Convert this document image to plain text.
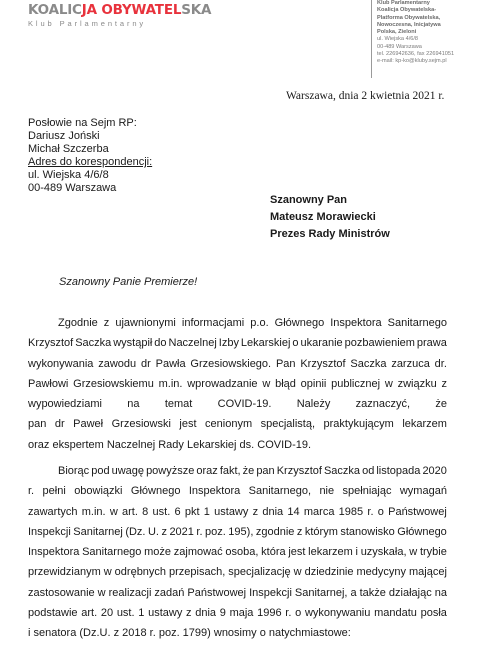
KOALICJA OBYWATELSKA
Klub Parlamentarny
Klub Parlamentarny
Koalicja Obywatelska-
Platforma Obywatelska,
Nowoczesna, Inicjatywa
Polska, Zieloni
ul. Wiejska 4/6/8
00-489 Warszawa
tel. 226942636, fax 226941051
e-mail: kp-ko@kluby.sejm.pl
Warszawa, dnia 2 kwietnia 2021 r.
Posłowie na Sejm RP:
Dariusz Joński
Michał Szczerba
Adres do korespondencji:
ul. Wiejska 4/6/8
00-489 Warszawa
Szanowny Pan
Mateusz Morawiecki
Prezes Rady Ministrów
Szanowny Panie Premierze!
Zgodnie z ujawnionymi informacjami p.o. Głównego Inspektora Sanitarnego
Krzysztof Saczka wystąpił do Naczelnej Izby Lekarskiej o ukaranie pozbawieniem prawa
wykonywania zawodu dr Pawła Grzesiowskiego. Pan Krzysztof Saczka zarzuca dr.
Pawłowi Grzesiowskiemu m.in. wprowadzanie w błąd opinii publicznej w związku z
wypowiedziami na temat COVID-19. Należy zaznaczyć, że
pan dr Paweł Grzesiowski jest cenionym specjalistą, praktykującym lekarzem
oraz ekspertem Naczelnej Rady Lekarskiej ds. COVID-19.
Biorąc pod uwagę powyższe oraz fakt, że pan Krzysztof Saczka od listopada 2020
r. pełni obowiązki Głównego Inspektora Sanitarnego, nie spełniając wymagań
zawartych m.in. w art. 8 ust. 6 pkt 1 ustawy z dnia 14 marca 1985 r. o Państwowej
Inspekcji Sanitarnej (Dz. U. z 2021 r. poz. 195), zgodnie z którym stanowisko Głównego
Inspektora Sanitarnego może zajmować osoba, która jest lekarzem i uzyskała, w trybie
przewidzianym w odrębnych przepisach, specjalizację w dziedzinie medycyny mającej
zastosowanie w realizacji zadań Państwowej Inspekcji Sanitarnej, a także działając na
podstawie art. 20 ust. 1 ustawy z dnia 9 maja 1996 r. o wykonywaniu mandatu posła
i senatora (Dz.U. z 2018 r. poz. 1799) wnosimy o natychmiastowe:
